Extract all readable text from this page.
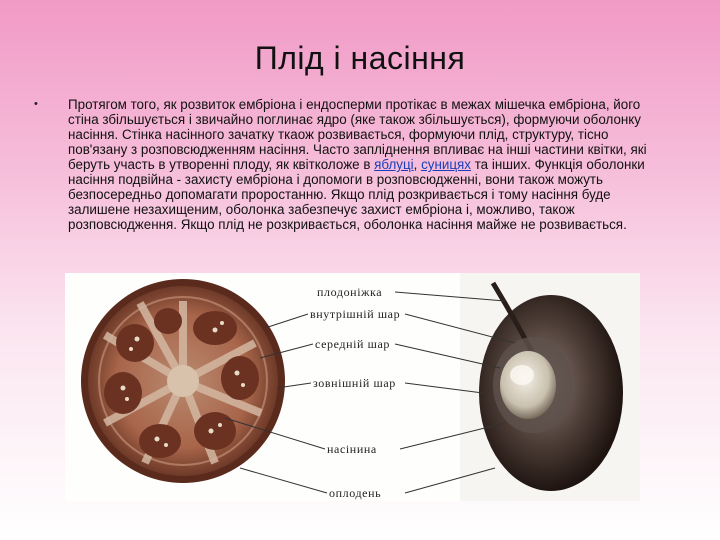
Плід і насіння
• Протягом того, як розвиток ембріона і ендосперми протікає в межах мішечка ембріона, його стіна збільшується і звичайно поглинає ядро (яке також збільшується), формуючи оболонку насіння. Стінка насінного зачатку ткаож розвивається, формуючи плід, структуру, тісно пов'язану з розповсюдженням насіння. Часто запліднення впливає на інші частини квітки, які беруть участь в утворенні плоду, як квітколоже в яблуці, суницях та інших. Функція оболонки насіння подвійна - захисту ембріона і допомоги в розповсюдженні, вони також можуть безпосередньо допомагати проростанню. Якщо плід розкривається і тому насіння буде залишене незахищеним, оболонка забезпечує захист ембріона і, можливо, також розповсюдження. Якщо плід не розкривається, оболонка насіння майже не розвивається.
плодоніжка
внутрішній шар
середній шар
зовнішній шар
насінина
оплодень
